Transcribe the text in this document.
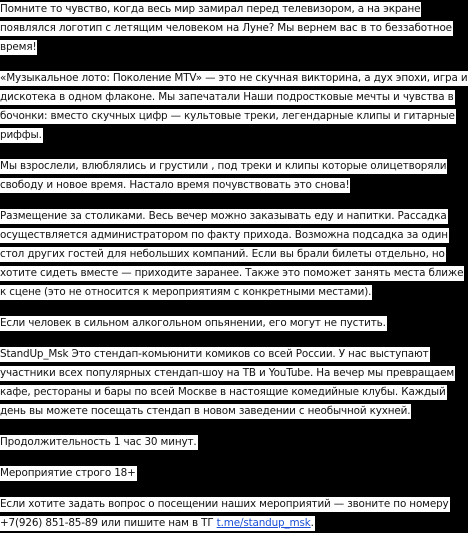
Помните то чувство, когда весь мир замирал перед телевизором, а на экране появлялся логотип с летящим человеком на Луне? Мы вернем вас в то беззаботное время!

«Музыкальное лото: Поколение MTV» — это не скучная викторина, а дух эпохи, игра и дискотека в одном флаконе. Мы запечатали Наши подростковые мечты и чувства в бочонки: вместо скучных цифр — культовые треки, легендарные клипы и гитарные риффы.

Мы взрослели, влюблялись и грустили , под треки и клипы которые олицетворяли свободу и новое время. Настало время почувствовать это снова!

Размещение за столиками. Весь вечер можно заказывать еду и напитки. Рассадка осуществляется администратором по факту прихода. Возможна подсадка за один стол других гостей для небольших компаний. Если вы брали билеты отдельно, но хотите сидеть вместе — приходите заранее. Также это поможет занять места ближе к сцене (это не относится к мероприятиям с конкретными местами).

Если человек в сильном алкогольном опьянении, его могут не пустить.

StandUp_Msk Это стендап-комьюнити комиков со всей России. У нас выступают участники всех популярных стендап-шоу на ТВ и YouTube. На вечер мы превращаем кафе, рестораны и бары по всей Москве в настоящие комедийные клубы. Каждый день вы можете посещать стендап в новом заведении с необычной кухней.

Продолжительность 1 час 30 минут.

Мероприятие строго 18+

Если хотите задать вопрос о посещении наших мероприятий — звоните по номеру +7(926) 851-85-89 или пишите нам в ТГ t.me/standup_msk.
